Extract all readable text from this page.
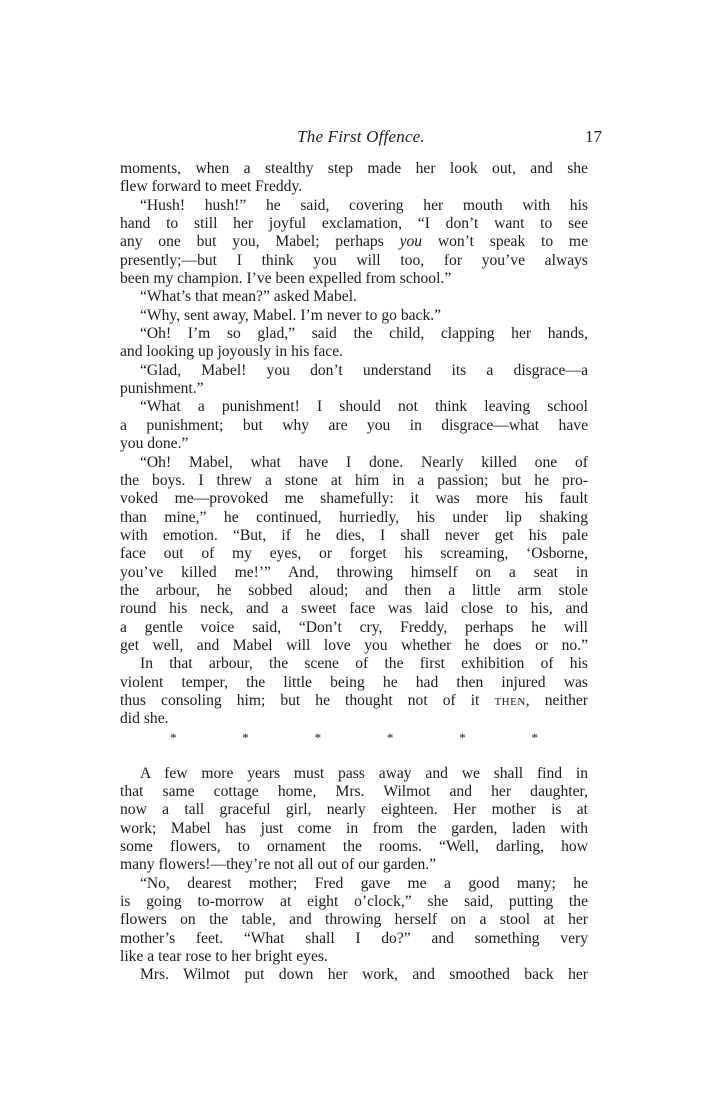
The First Offence.	17
moments, when a stealthy step made her look out, and she
flew forward to meet Freddy.
“Hush! hush!” he said, covering her mouth with his
hand to still her joyful exclamation, “I don’t want to see
any one but you, Mabel; perhaps you won’t speak to me
presently;—but I think you will too, for you’ve always
been my champion. I’ve been expelled from school.”
“What’s that mean?” asked Mabel.
“Why, sent away, Mabel. I’m never to go back.”
“Oh! I’m so glad,” said the child, clapping her hands,
and looking up joyously in his face.
“Glad, Mabel! you don’t understand its a disgrace—a
punishment.”
“What a punishment! I should not think leaving school
a punishment; but why are you in disgrace—what have
you done.”
“Oh! Mabel, what have I done. Nearly killed one of
the boys. I threw a stone at him in a passion; but he pro-
voked me—provoked me shamefully: it was more his fault
than mine,” he continued, hurriedly, his under lip shaking
with emotion. “But, if he dies, I shall never get his pale
face out of my eyes, or forget his screaming, ‘Osborne,
you’ve killed me!’” And, throwing himself on a seat in
the arbour, he sobbed aloud; and then a little arm stole
round his neck, and a sweet face was laid close to his, and
a gentle voice said, “Don’t cry, Freddy, perhaps he will
get well, and Mabel will love you whether he does or no.”
In that arbour, the scene of the first exhibition of his
violent temper, the little being he had then injured was
thus consoling him; but he thought not of it then, neither
did she.
*	*	*	*	*	*
A few more years must pass away and we shall find in
that same cottage home, Mrs. Wilmot and her daughter,
now a tall graceful girl, nearly eighteen. Her mother is at
work; Mabel has just come in from the garden, laden with
some flowers, to ornament the rooms. “Well, darling, how
many flowers!—they’re not all out of our garden.”
“No, dearest mother; Fred gave me a good many; he
is going to-morrow at eight o’clock,” she said, putting the
flowers on the table, and throwing herself on a stool at her
mother’s feet. “What shall I do?” and something very
like a tear rose to her bright eyes.
Mrs. Wilmot put down her work, and smoothed back her
